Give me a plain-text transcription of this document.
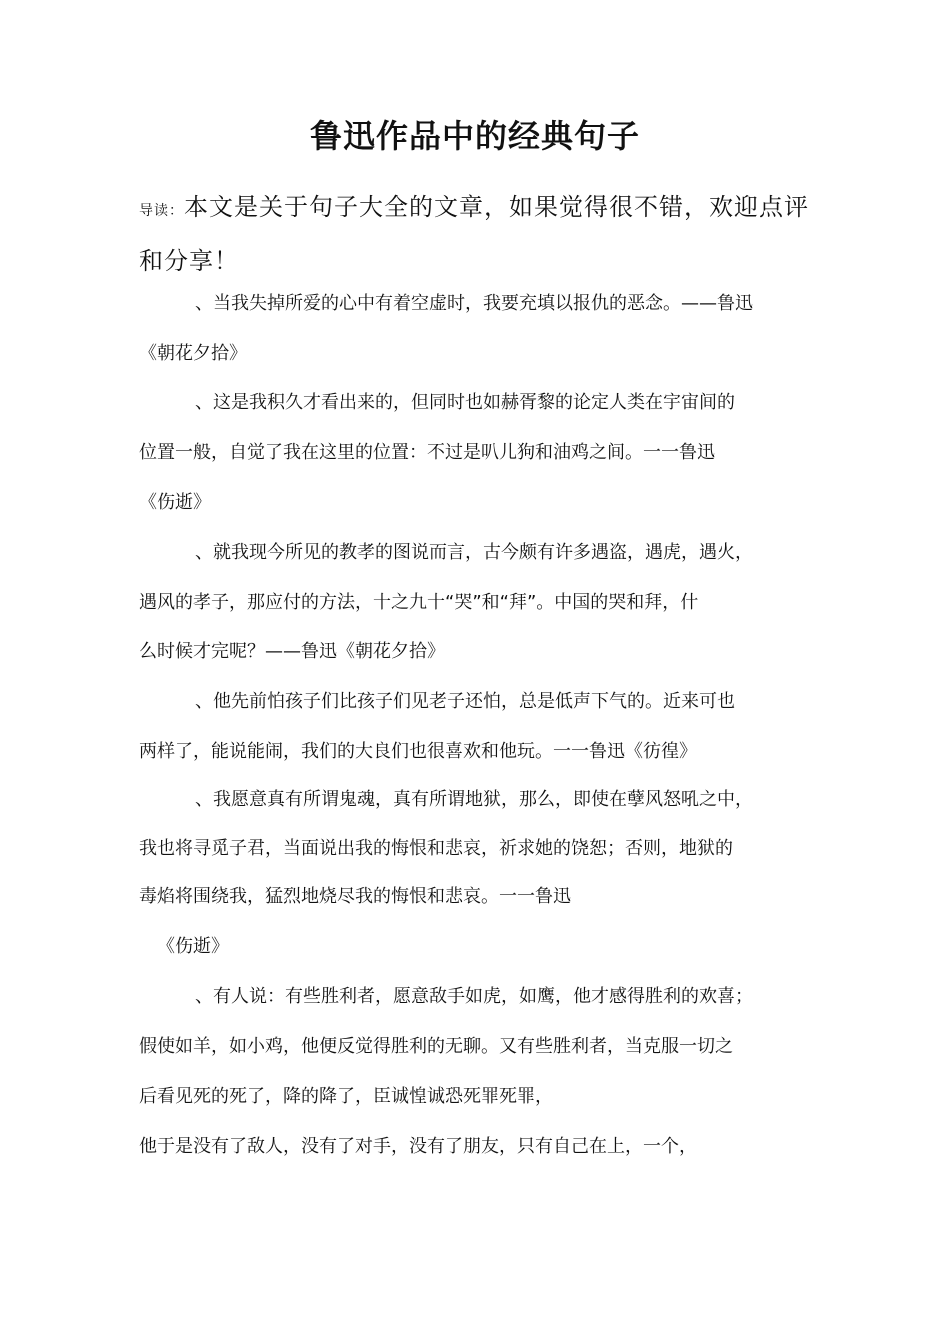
鲁迅作品中的经典句子
导读：本文是关于句子大全的文章，如果觉得很不错，欢迎点评和分享！
、当我失掉所爱的心中有着空虚时，我要充填以报仇的恶念。——鲁迅
《朝花夕拾》
、这是我积久才看出来的，但同时也如赫胥黎的论定人类在宇宙间的
位置一般，自觉了我在这里的位置：不过是叭儿狗和油鸡之间。一一鲁迅
《伤逝》
、就我现今所见的教孝的图说而言，古今颇有许多遇盗，遇虎，遇火，
遇风的孝子，那应付的方法，十之九十“哭”和“拜”。中国的哭和拜，什
么时候才完呢？——鲁迅《朝花夕拾》
、他先前怕孩子们比孩子们见老子还怕，总是低声下气的。近来可也
两样了，能说能闹，我们的大良们也很喜欢和他玩。一一鲁迅《彷徨》
、我愿意真有所谓鬼魂，真有所谓地狱，那么，即使在孽风怒吼之中，
我也将寻觅子君，当面说出我的悔恨和悲哀，祈求她的饶恕；否则，地狱的
毒焰将围绕我，猛烈地烧尽我的悔恨和悲哀。一一鲁迅
《伤逝》
、有人说：有些胜利者，愿意敌手如虎，如鹰，他才感得胜利的欢喜；
假使如羊，如小鸡，他便反觉得胜利的无聊。又有些胜利者，当克服一切之
后看见死的死了，降的降了，臣诚惶诚恐死罪死罪，
他于是没有了敌人，没有了对手，没有了朋友，只有自己在上，一个，
